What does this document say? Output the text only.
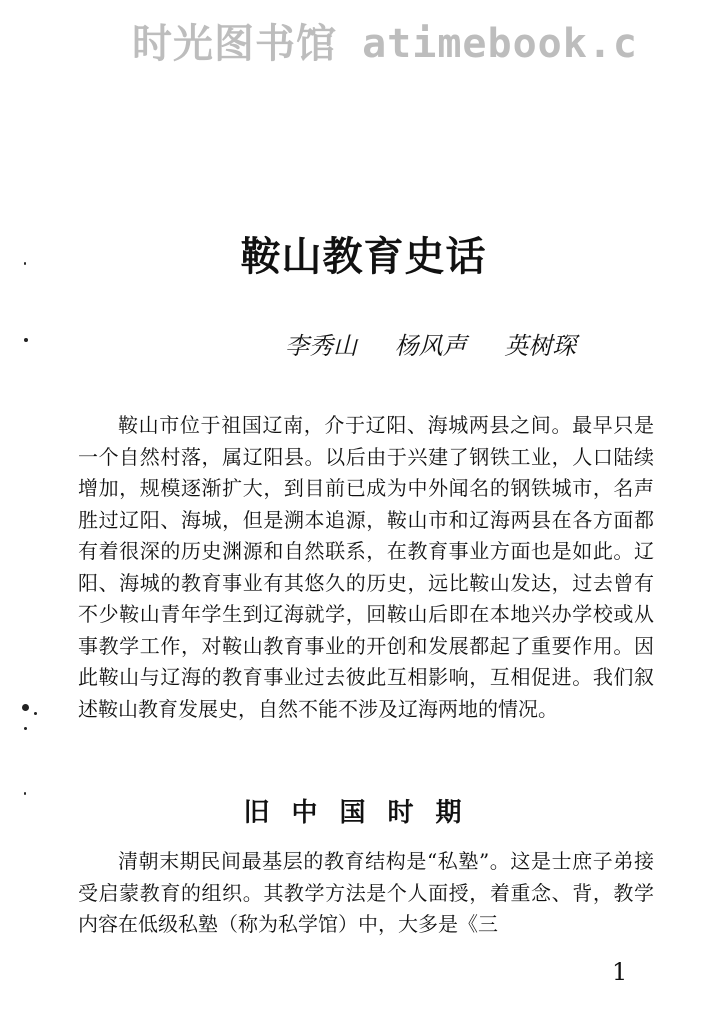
时光图书馆 atimebook.c
鞍山教育史话
李秀山 杨风声 英树琛

鞍山市位于祖国辽南，介于辽阳、海城两县之间。最早只是一个自然村落，属辽阳县。以后由于兴建了钢铁工业，人口陆续增加，规模逐渐扩大，到目前已成为中外闻名的钢铁城市，名声胜过辽阳、海城，但是溯本追源，鞍山市和辽海两县在各方面都有着很深的历史渊源和自然联系，在教育事业方面也是如此。辽阳、海城的教育事业有其悠久的历史，远比鞍山发达，过去曾有不少鞍山青年学生到辽海就学，回鞍山后即在本地兴办学校或从事教学工作，对鞍山教育事业的开创和发展都起了重要作用。因此鞍山与辽海的教育事业过去彼此互相影响，互相促进。我们叙述鞍山教育发展史，自然不能不涉及辽海两地的情况。

旧中国时期

清朝末期民间最基层的教育结构是“私塾”。这是士庶子弟接受启蒙教育的组织。其教学方法是个人面授，着重念、背，教学内容在低级私塾（称为私学馆）中，大多是《三

1
